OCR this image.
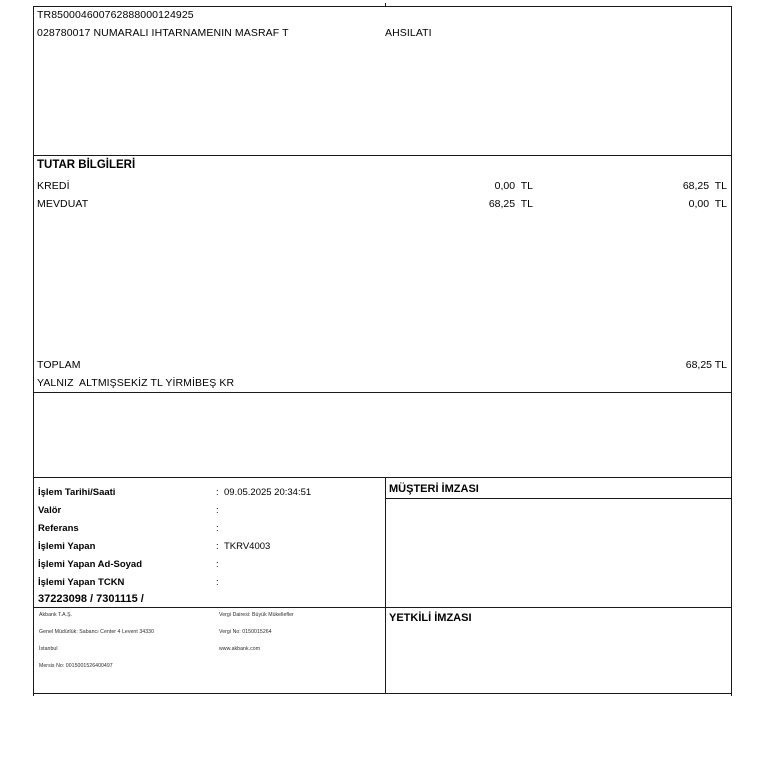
TR850004600762888000124925
028780017 NUMARALI IHTARNAMENIN MASRAF T	AHSILATI
TUTAR BİLGİLERİ
KREDİ	0,00  TL	68,25  TL
MEVDUAT	68,25  TL	0,00  TL
TOPLAM	68,25 TL
YALNIZ  ALTMIŞSEKİZ TL YİRMİBEŞ KR
İşlem Tarihi/Saati	: 09.05.2025 20:34:51
Valör	:
Referans	:
İşlemi Yapan	: TKRV4003
İşlemi Yapan Ad-Soyad	:
İşlemi Yapan TCKN	:
37223098 / 7301115 /
Akbank T.A.Ş.
Genel Müdürlük: Sabancı Center 4 Levent 34330
İstanbul
Mersis No: 0015001526400497
Vergi Dairesi: Büyük Mükellefler
Vergi No: 0150015264
www.akbank.com
MÜŞTERİ İMZASI
YETKİLİ İMZASI
